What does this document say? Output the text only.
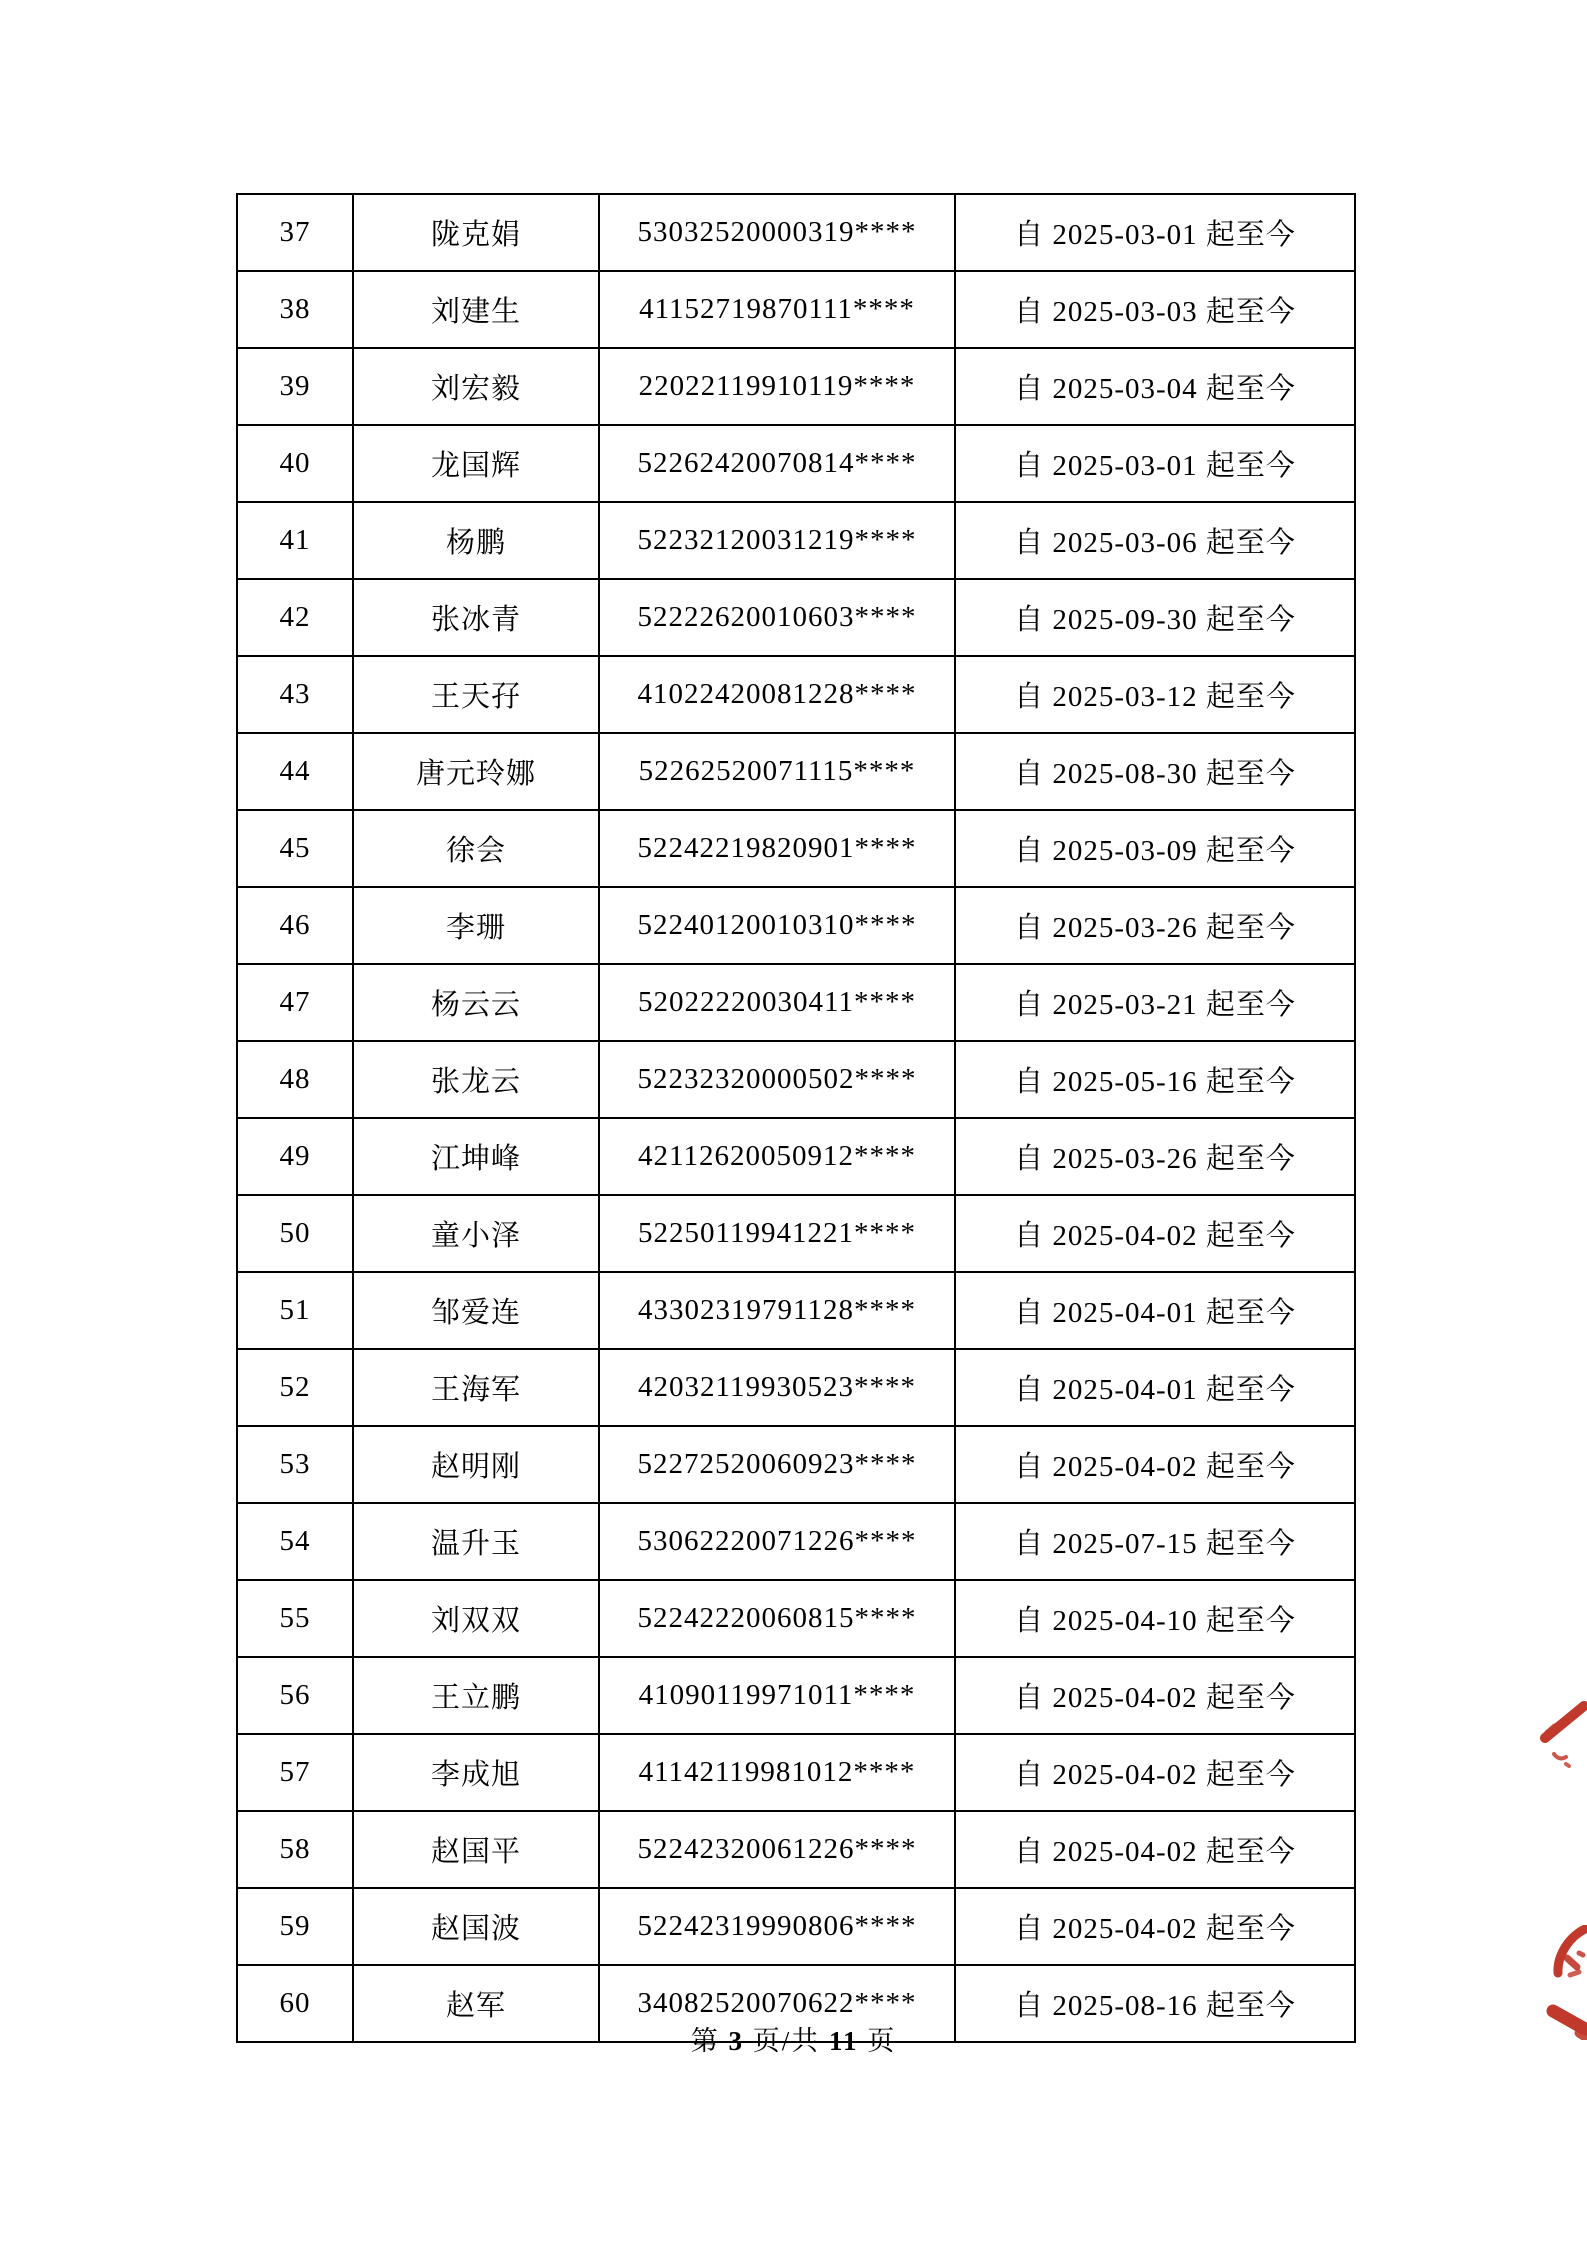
37	陇克娟	53032520000319****	自 2025-03-01 起至今
38	刘建生	41152719870111****	自 2025-03-03 起至今
39	刘宏毅	22022119910119****	自 2025-03-04 起至今
40	龙国辉	52262420070814****	自 2025-03-01 起至今
41	杨鹏	52232120031219****	自 2025-03-06 起至今
42	张冰青	52222620010603****	自 2025-09-30 起至今
43	王天孖	41022420081228****	自 2025-03-12 起至今
44	唐元玲娜	52262520071115****	自 2025-08-30 起至今
45	徐会	52242219820901****	自 2025-03-09 起至今
46	李珊	52240120010310****	自 2025-03-26 起至今
47	杨云云	52022220030411****	自 2025-03-21 起至今
48	张龙云	52232320000502****	自 2025-05-16 起至今
49	江坤峰	42112620050912****	自 2025-03-26 起至今
50	童小泽	52250119941221****	自 2025-04-02 起至今
51	邹爱连	43302319791128****	自 2025-04-01 起至今
52	王海军	42032119930523****	自 2025-04-01 起至今
53	赵明刚	52272520060923****	自 2025-04-02 起至今
54	温升玉	53062220071226****	自 2025-07-15 起至今
55	刘双双	52242220060815****	自 2025-04-10 起至今
56	王立鹏	41090119971011****	自 2025-04-02 起至今
57	李成旭	41142119981012****	自 2025-04-02 起至今
58	赵国平	52242320061226****	自 2025-04-02 起至今
59	赵国波	52242319990806****	自 2025-04-02 起至今
60	赵军	34082520070622****	自 2025-08-16 起至今
第 3 页/共 11 页
